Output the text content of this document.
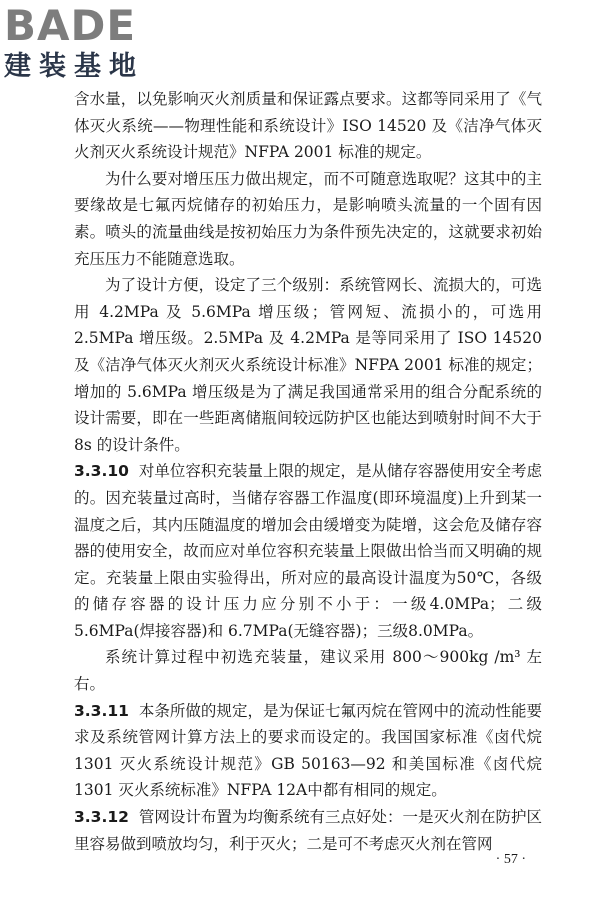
BADE
建装基地

含水量，以免影响灭火剂质量和保证露点要求。这都等同采用了《气体灭火系统——物理性能和系统设计》ISO 14520 及《洁净气体灭火剂灭火系统设计规范》NFPA 2001 标准的规定。

为什么要对增压压力做出规定，而不可随意选取呢？这其中的主要缘故是七氟丙烷储存的初始压力，是影响喷头流量的一个固有因素。喷头的流量曲线是按初始压力为条件预先决定的，这就要求初始充压压力不能随意选取。

为了设计方便，设定了三个级别：系统管网长、流损大的，可选用 4.2MPa 及 5.6MPa 增压级；管网短、流损小的，可选用2.5MPa 增压级。2.5MPa 及 4.2MPa 是等同采用了 ISO 14520 及《洁净气体灭火剂灭火系统设计标准》NFPA 2001 标准的规定；增加的 5.6MPa 增压级是为了满足我国通常采用的组合分配系统的设计需要，即在一些距离储瓶间较远防护区也能达到喷射时间不大于 8s 的设计条件。

3.3.10 对单位容积充装量上限的规定，是从储存容器使用安全考虑的。因充装量过高时，当储存容器工作温度(即环境温度)上升到某一温度之后，其内压随温度的增加会由缓增变为陡增，这会危及储存容器的使用安全，故而应对单位容积充装量上限做出恰当而又明确的规定。充装量上限由实验得出，所对应的最高设计温度为50℃，各级的储存容器的设计压力应分别不小于：一级4.0MPa；二级5.6MPa(焊接容器)和 6.7MPa(无缝容器)；三级8.0MPa。

系统计算过程中初选充装量，建议采用 800～900kg /m³ 左右。

3.3.11 本条所做的规定，是为保证七氟丙烷在管网中的流动性能要求及系统管网计算方法上的要求而设定的。我国国家标准《卤代烷 1301 灭火系统设计规范》GB 50163—92 和美国标准《卤代烷 1301 灭火系统标准》NFPA 12A中都有相同的规定。

3.3.12 管网设计布置为均衡系统有三点好处：一是灭火剂在防护区里容易做到喷放均匀，利于灭火；二是可不考虑灭火剂在管网

· 57 ·
